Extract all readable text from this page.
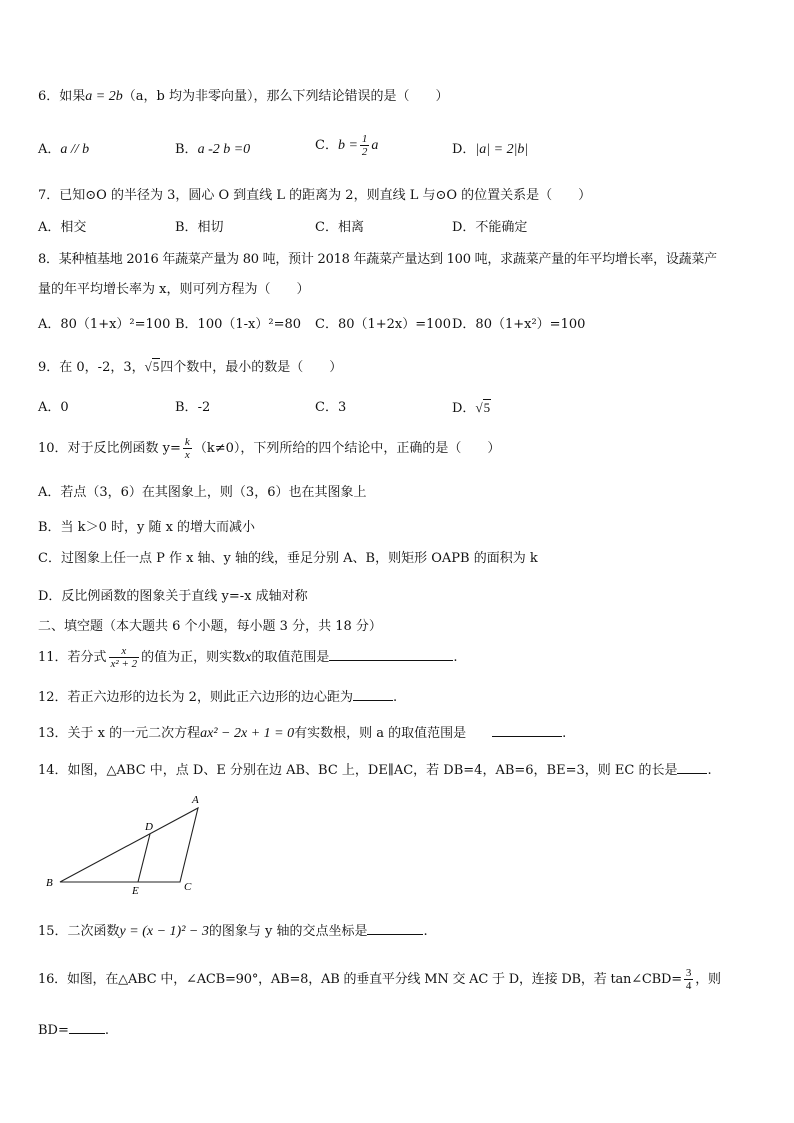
6．如果a = 2b（a，b 均为非零向量），那么下列结论错误的是（　　）
A．a // b	B．a -2 b =0	C．$b = \frac{1}{2}$ a	D．|a| = 2|b|
7．已知⊙O 的半径为 3，圆心 O 到直线 L 的距离为 2，则直线 L 与⊙O 的位置关系是（　　）
A．相交	B．相切	C．相离	D．不能确定
8．某种植基地 2016 年蔬菜产量为 80 吨，预计 2018 年蔬菜产量达到 100 吨，求蔬菜产量的年平均增长率，设蔬菜产
量的年平均增长率为 x，则可列方程为（　　）
A．80（1+x）²=100 B．100（1-x）²=80 C．80（1+2x）=100 D．80（1+x²）=100
9．在 0，-2，3，√5四个数中，最小的数是（　　）
A．0	B．-2	C．3	D．√5
10．对于反比例函数 $y= \frac{k}{x} (k\ne 0)$，下列所给的四个结论中，正确的是（　　）
A．若点（3，6）在其图象上，则（3，6）也在其图象上
B．当 k＞0 时，y 随 x 的增大而减小
C．过图象上任一点 P 作 x 轴、y 轴的线，垂足分别 A、B，则矩形 OAPB 的面积为 k
D．反比例函数的图象关于直线 y=-x 成轴对称
二、填空题（本大题共 6 个小题，每小题 3 分，共 18 分）
11．若分式 $\frac{x}{\text{x² + 2}}$ 的值为正，则实数x的取值范围是	.
12．若正六边形的边长为 2，则此正六边形的边心距为	.
13．关于 x 的一元二次方程ax² − 2x + 1 = 0有实数根，则 a 的取值范围是	.
14．如图，△ABC 中，点 D、E 分别在边 AB、BC 上，DE∥AC，若 DB=4，AB=6，BE=3，则 EC 的长是 .
A
B	C
D
E
15．二次函数y = (x − 1)² − 3的图象与 y 轴的交点坐标是	.
16．如图，在△ABC 中，∠ACB=90°，AB=8，AB 的垂直平分线 MN 交 AC 于 D，连接 DB，若 tan∠CBD= $\frac{3}{4}$ ，则
BD=	.
